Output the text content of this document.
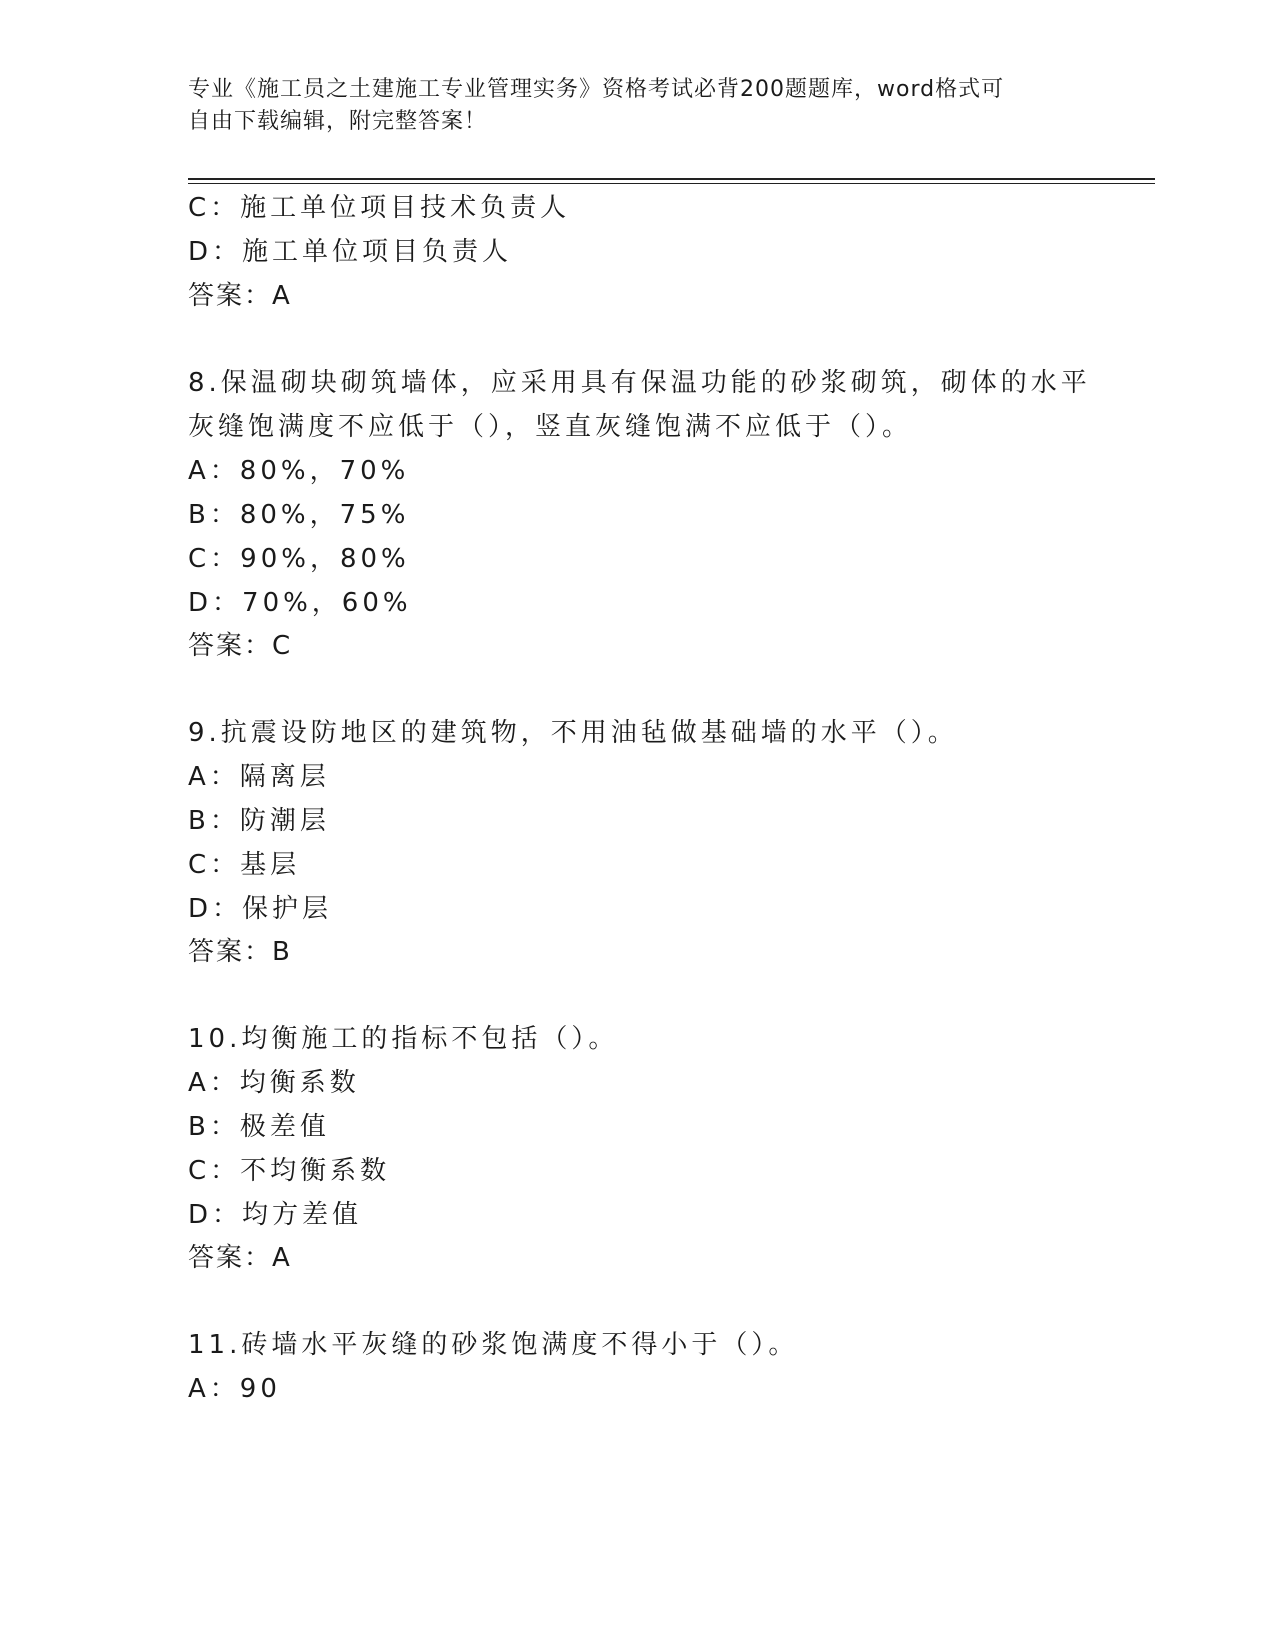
专业《施工员之土建施工专业管理实务》资格考试必背200题题库，word格式可
自由下载编辑，附完整答案！
C：施工单位项目技术负责人
D：施工单位项目负责人
答案：A
8.保温砌块砌筑墙体，应采用具有保温功能的砂浆砌筑，砌体的水平
灰缝饱满度不应低于（），竖直灰缝饱满不应低于（）。
A：80%，70%
B：80%，75%
C：90%，80%
D：70%，60%
答案：C
9.抗震设防地区的建筑物，不用油毡做基础墙的水平（）。
A：隔离层
B：防潮层
C：基层
D：保护层
答案：B
10.均衡施工的指标不包括（）。
A：均衡系数
B：极差值
C：不均衡系数
D：均方差值
答案：A
11.砖墙水平灰缝的砂浆饱满度不得小于（）。
A：90
